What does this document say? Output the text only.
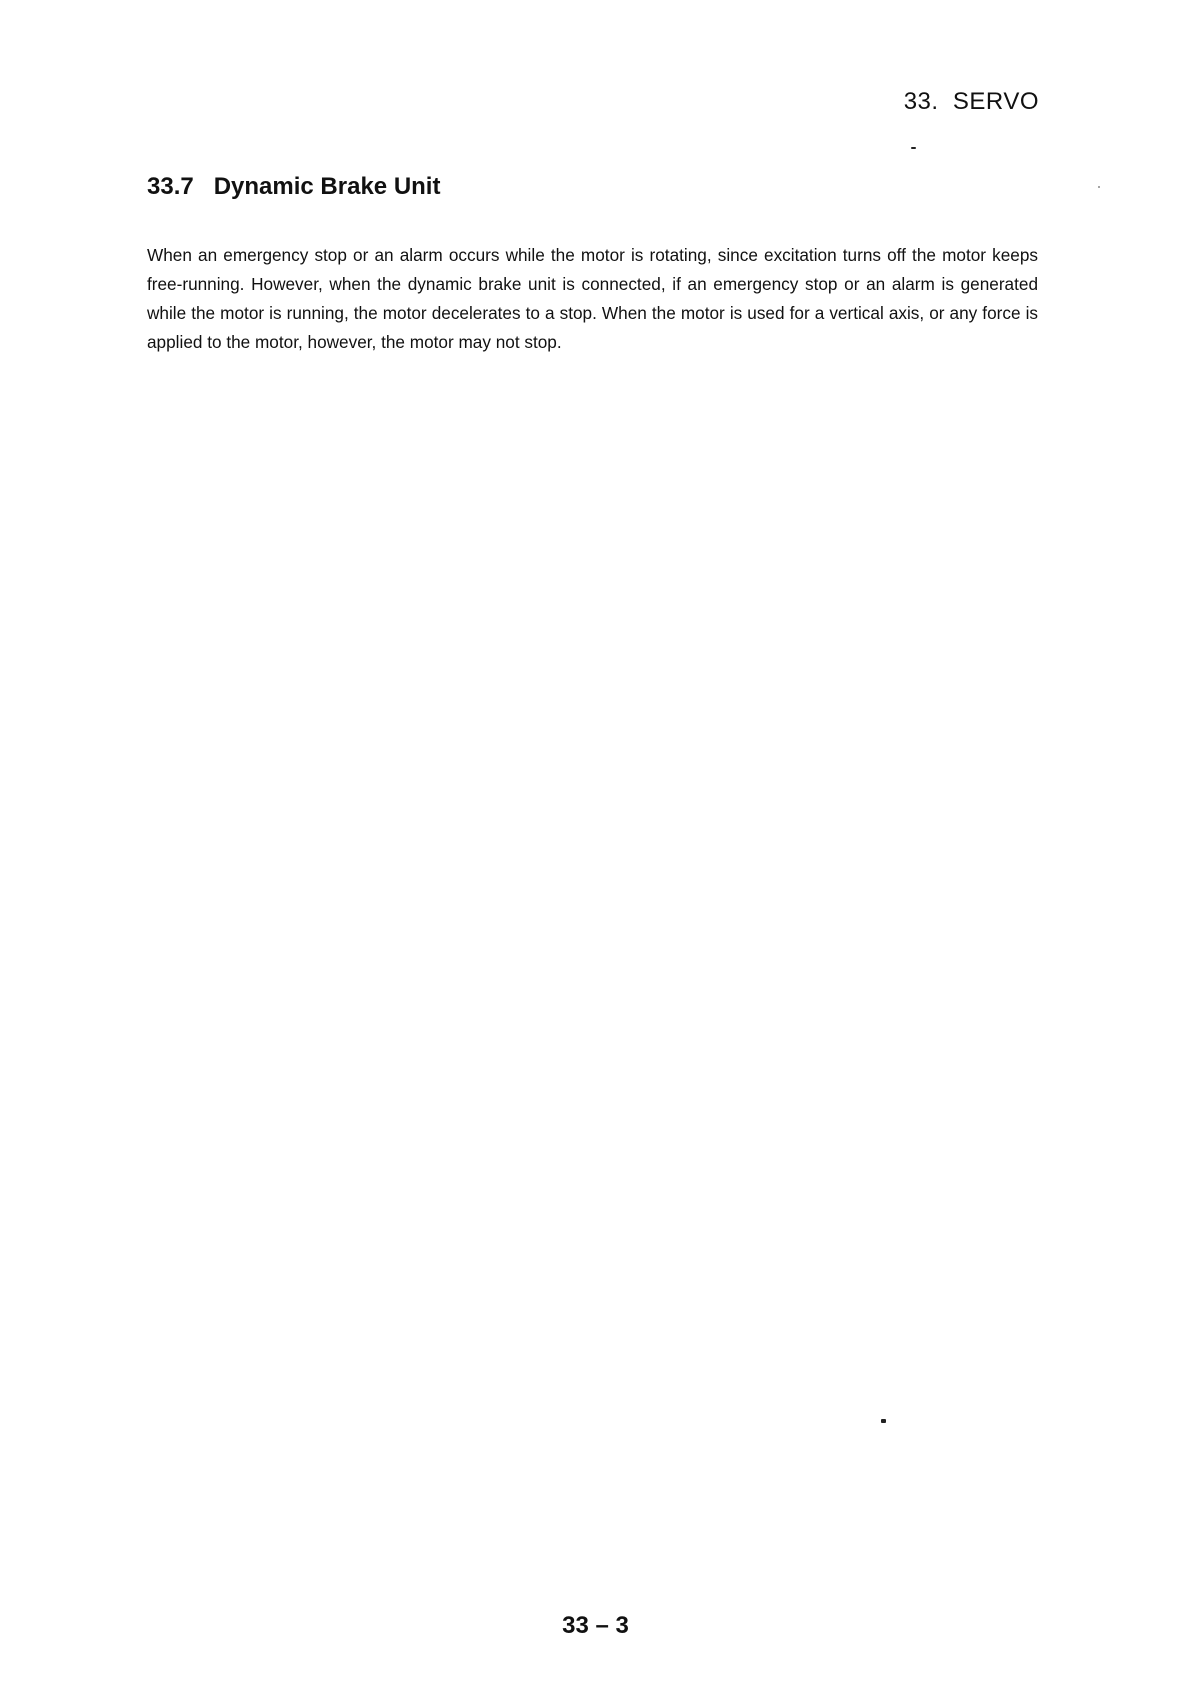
33.  SERVO
33.7 Dynamic Brake Unit

When an emergency stop or an alarm occurs while the motor is rotating, since excitation turns off the motor keeps free-running. However, when the dynamic brake unit is connected, if an emergency stop or an alarm is generated while the motor is running, the motor decelerates to a stop. When the motor is used for a vertical axis, or any force is applied to the motor, however, the motor may not stop.

33 – 3
